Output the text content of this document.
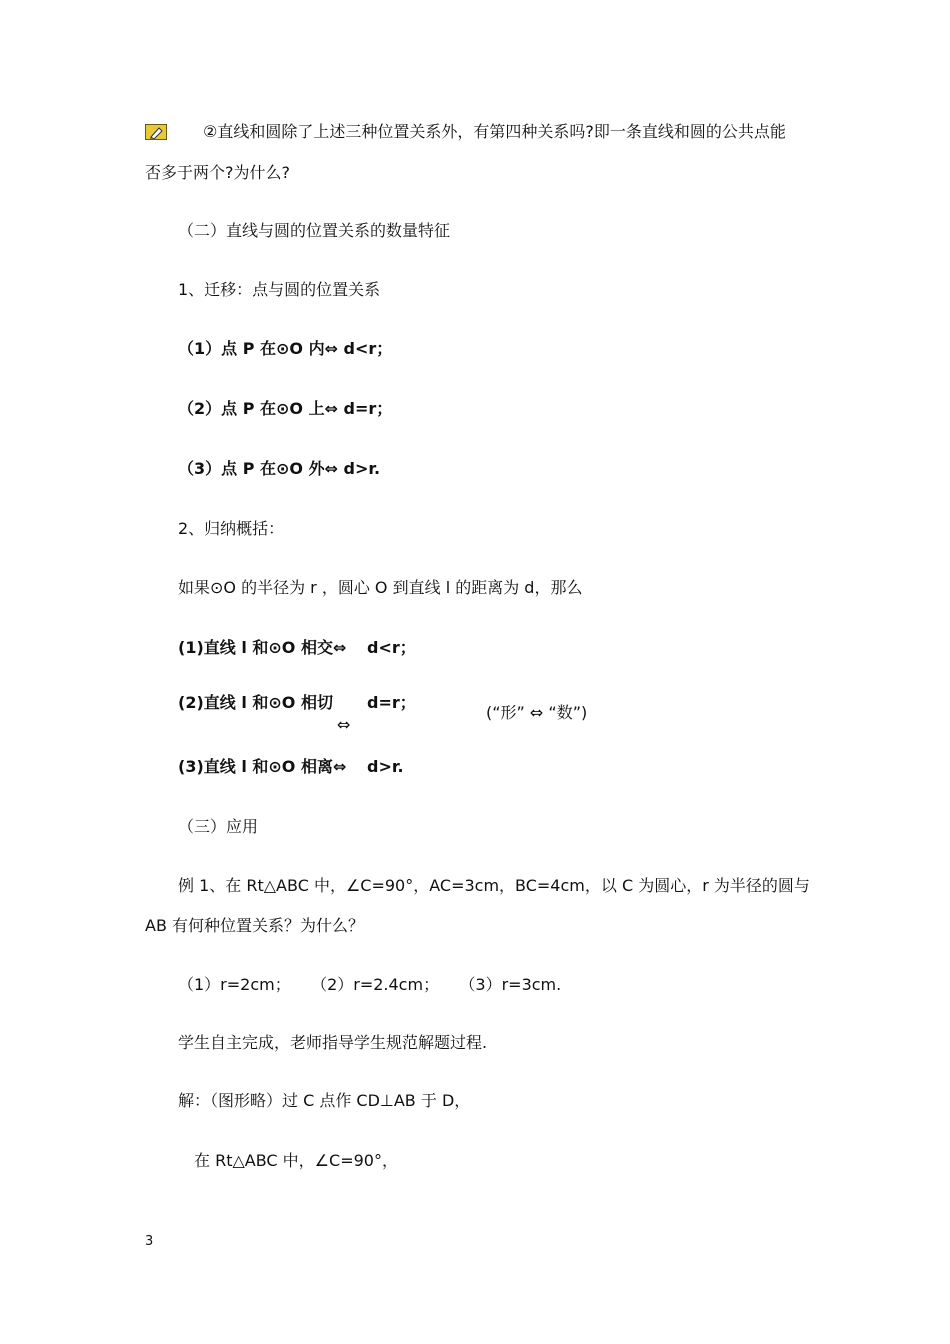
②直线和圆除了上述三种位置关系外，有第四种关系吗?即一条直线和圆的公共点能
否多于两个?为什么?
（二）直线与圆的位置关系的数量特征
1、迁移：点与圆的位置关系
（1）点 P 在⊙O 内⇔ d<r；
（2）点 P 在⊙O 上⇔ d=r；
（3）点 P 在⊙O 外⇔ d>r.
2、归纳概括：
如果⊙O 的半径为 r ，圆心 O 到直线 l 的距离为 d，那么
(1)直线 l 和⊙O 相交⇔ d<r；
(2)直线 l 和⊙O 相切
⇔
d=r；
(“形” ⇔ “数”)
(3)直线 l 和⊙O 相离⇔ d>r.
（三）应用
例 1、在 Rt△ABC 中，∠C=90°，AC=3cm，BC=4cm，以 C 为圆心，r 为半径的圆与
AB 有何种位置关系？为什么？
（1）r=2cm；    （2）r=2.4cm；    （3）r=3cm.
学生自主完成，老师指导学生规范解题过程.
解：（图形略）过 C 点作 CD⊥AB 于 D，
在 Rt△ABC 中，∠C=90°，
3
